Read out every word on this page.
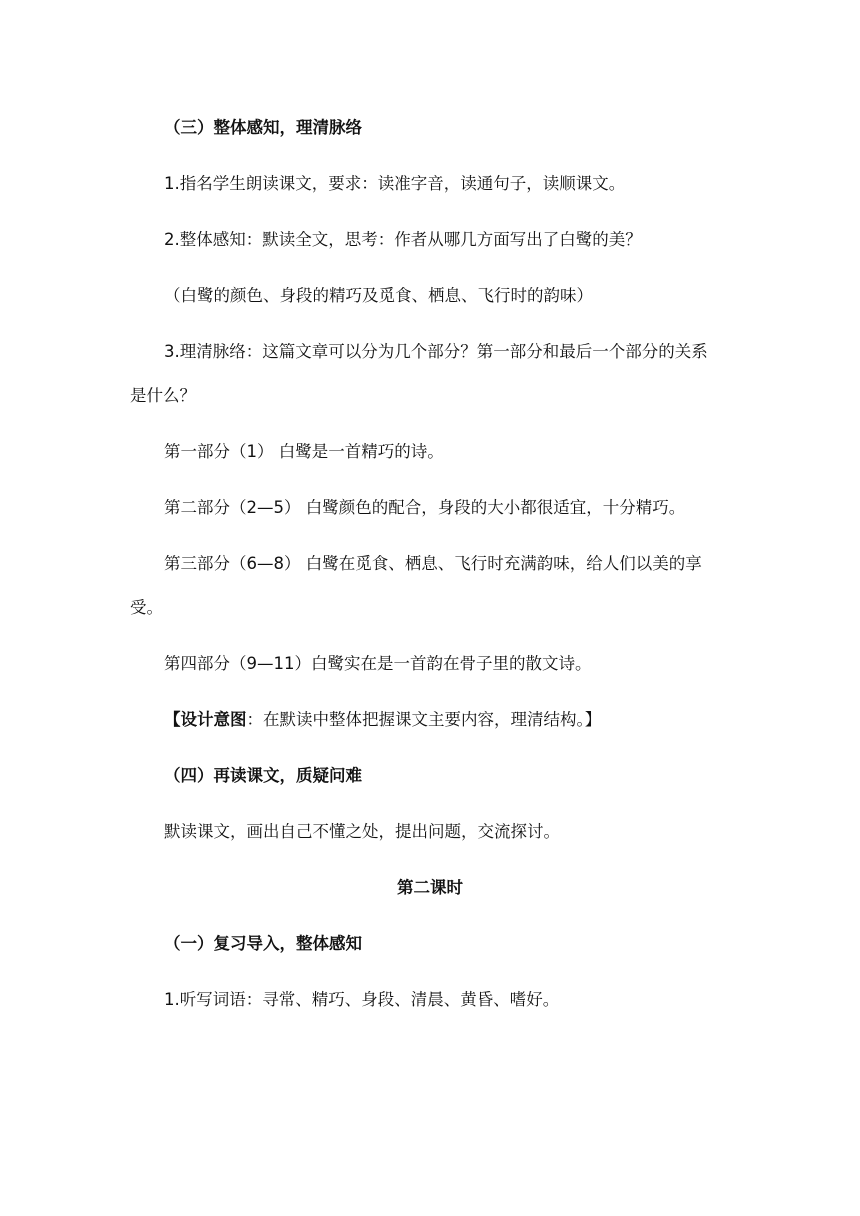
（三）整体感知，理清脉络
1.指名学生朗读课文，要求：读准字音，读通句子，读顺课文。
2.整体感知：默读全文，思考：作者从哪几方面写出了白鹭的美？
（白鹭的颜色、身段的精巧及觅食、栖息、飞行时的韵味）
3.理清脉络：这篇文章可以分为几个部分？第一部分和最后一个部分的关系
是什么？
第一部分（1） 白鹭是一首精巧的诗。
第二部分（2—5） 白鹭颜色的配合，身段的大小都很适宜，十分精巧。
第三部分（6—8） 白鹭在觅食、栖息、飞行时充满韵味，给人们以美的享
受。
第四部分（9—11）白鹭实在是一首韵在骨子里的散文诗。
【设计意图：在默读中整体把握课文主要内容，理清结构。】
（四）再读课文，质疑问难
默读课文，画出自己不懂之处，提出问题，交流探讨。
第二课时
（一）复习导入，整体感知
1.听写词语：寻常、精巧、身段、清晨、黄昏、嗜好。
